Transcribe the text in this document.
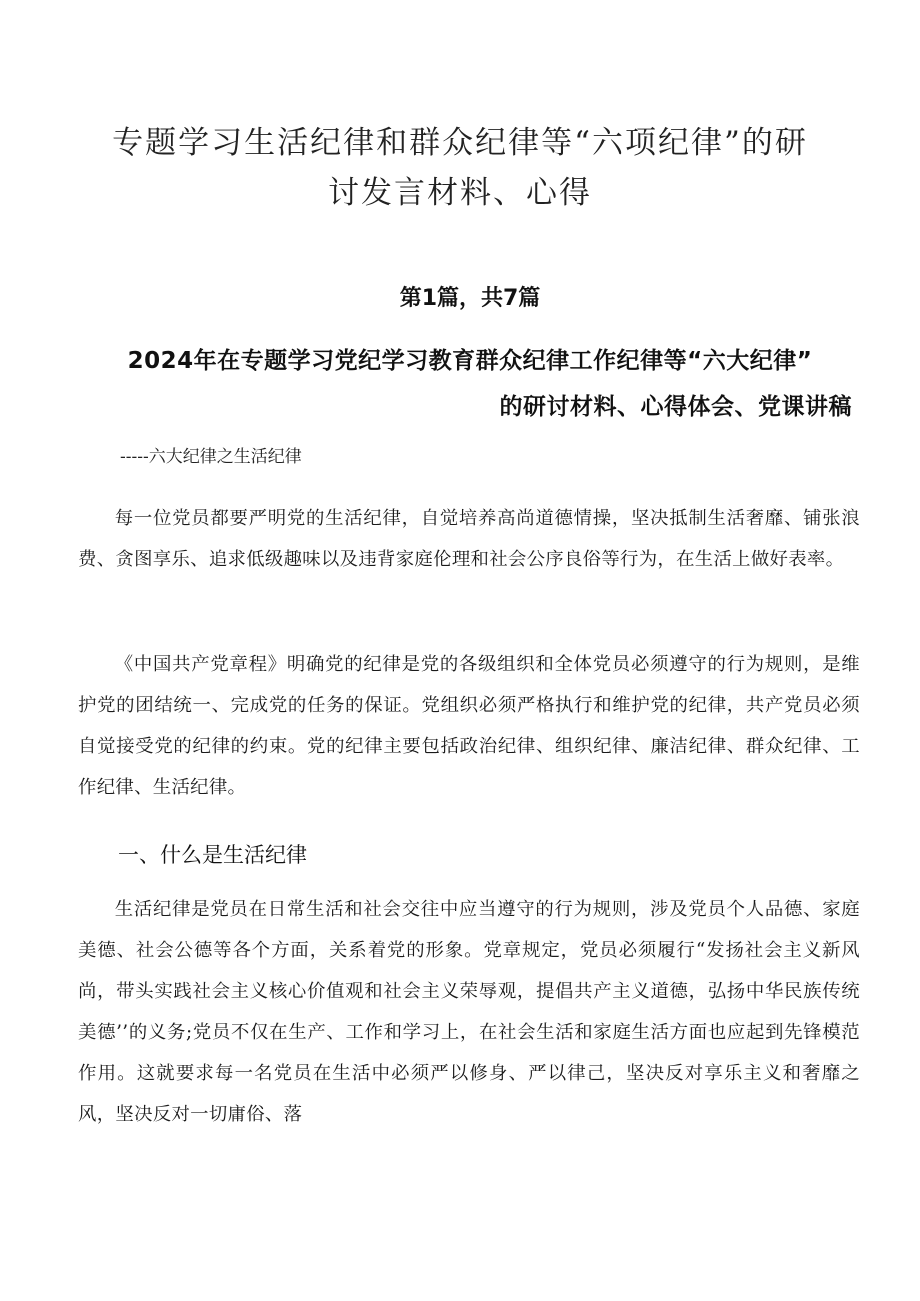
专题学习生活纪律和群众纪律等“六项纪律”的研
讨发言材料、心得
第1篇，共7篇
2024年在专题学习党纪学习教育群众纪律工作纪律等“六大纪律”
的研讨材料、心得体会、党课讲稿
-----六大纪律之生活纪律

每一位党员都要严明党的生活纪律，自觉培养高尚道德情操，坚决抵制生活奢靡、铺张浪费、贪图享乐、追求低级趣味以及违背家庭伦理和社会公序良俗等行为，在生活上做好表率。

《中国共产党章程》明确党的纪律是党的各级组织和全体党员必须遵守的行为规则，是维护党的团结统一、完成党的任务的保证。党组织必须严格执行和维护党的纪律，共产党员必须自觉接受党的纪律的约束。党的纪律主要包括政治纪律、组织纪律、廉洁纪律、群众纪律、工作纪律、生活纪律。

一、什么是生活纪律

生活纪律是党员在日常生活和社会交往中应当遵守的行为规则，涉及党员个人品德、家庭美德、社会公德等各个方面，关系着党的形象。党章规定，党员必须履行“发扬社会主义新风尚，带头实践社会主义核心价值观和社会主义荣辱观，提倡共产主义道德，弘扬中华民族传统美德’’的义务;党员不仅在生产、工作和学习上，在社会生活和家庭生活方面也应起到先锋模范作用。这就要求每一名党员在生活中必须严以修身、严以律己，坚决反对享乐主义和奢靡之风，坚决反对一切庸俗、落
